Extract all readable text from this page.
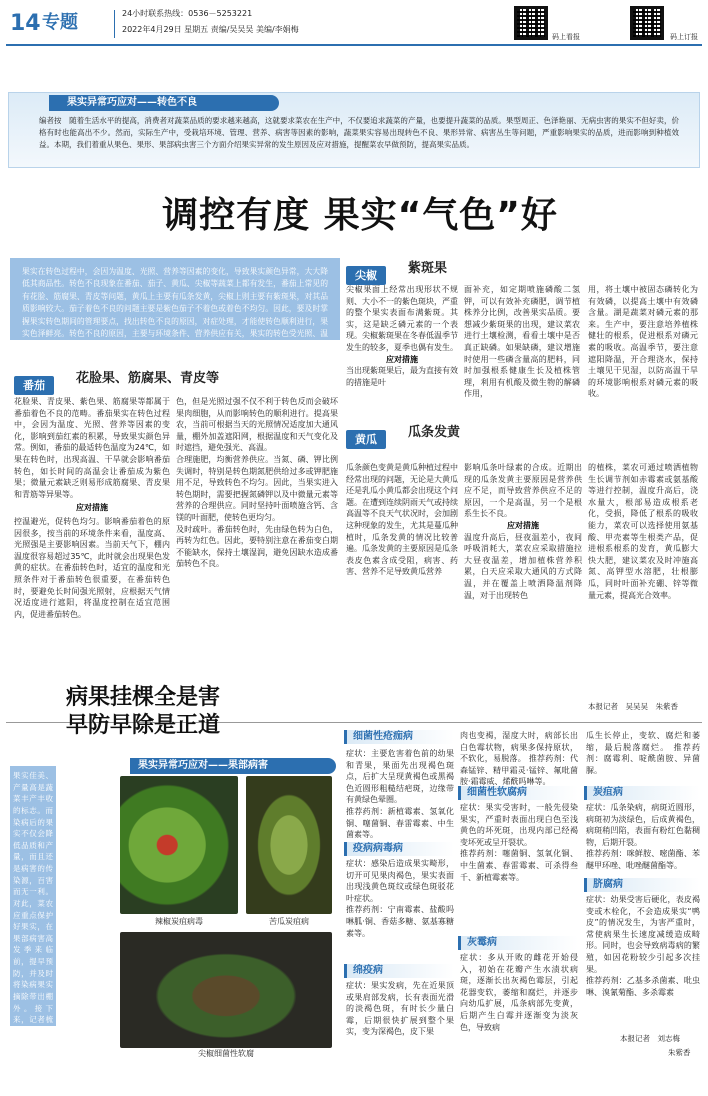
14 专题	24小时联系热线：0536－5253221
2022年4月29日 星期五 责编/吴吴吴 美编/李娟梅
码上看报	码上订报
果实异常巧应对——转色不良
编者按　随着生活水平的提高，消费者对蔬菜品质的要求越来越高，这就要求菜农在生产中，不仅要追求蔬菜的产量，也要提升蔬菜的品质。果型周正、色泽艳丽、无病虫害的果实不但好卖，价格有时也能高出不少。然而，实际生产中，受栽培环境、管理、营养、病害等因素的影响，蔬菜果实容易出现转色不良、果形异常、病害丛生等问题，严重影响果实的品质，进而影响到种植效益。本期，我们着重从果色、果形、果部病虫害三个方面介绍果实异常的发生原因及应对措施，提醒菜农早做预防，提高果实品质。
调控有度 果实“气色”好
果实在转色过程中，会因为温度、光照、营养等因素的变化，导致果实颜色异常，大大降低其商品性。转色不良现象在番茄、茄子、黄瓜、尖椒等蔬菜上都有发生，番茄上常见的有花脸、筋腐果、青皮等问题，黄瓜上主要有瓜条发黄，尖椒上则主要有紫斑果，对其品质影响较大。茄子着色不良的问题主要是紫色茄子不着色或着色不均匀。因此，要及时掌握果实转色期间的管理要点，找出转色不良的原因，对症处理，才能使转色顺利进行，果实色泽鲜亮。转色不良的原因，主要与环境条件、营养供应有关，果实的转色受光照、温度、湿度及营养的影响。本版选取常见的几种蔬菜转色不良的问题，分析原因并提出应对措施，供参考。
番茄	花脸果、筋腐果、青皮等
花脸果、青皮果、紫色果、筋腐果等都属于番茄着色不良的范畴。番茄果实在转色过程中，会因为温度、光照、营养等因素的变化，影响到茄红素的积累，导致果实颜色异常。例如，番茄的最适转色温度为24℃，如果在转色时，出现高温、干旱就会影响番茄转色，如长时间的高温会让番茄成为紫色果；微量元素缺乏则易形成筋腐果、青皮果和青筋等异果等。
应对措施
控温避光，促转色均匀。影响番茄着色的原因很多，按当前的环境条件来看，温度高、光照强是主要影响因素。当前天气下，棚内温度很容易超过35℃，此时就会出现果色发黄的症状。在番茄转色时，适宜的温度和光照条件对于番茄转色很重要，在番茄转色时，要避免长时间强光照射，应根据天气情况适度进行遮阳，将温度控制在适宜范围内，促进番茄转色。
色，但是光照过强不仅不利于转色反而会破坏果肉细胞，从而影响转色的顺利进行。提高果农，当前可根据当天的光照情况适度加大通风量，棚外加盖遮阳网，根据温度和天气变化及时遮挡，避免强光、高温。
合理施肥，均衡营养供应。当氮、磷、钾比例失调时，特别是转色期氮肥供给过多或钾肥施用不足，导致转色不均匀。因此，当果实进入转色期时，需要把握氮磷钾以及中微量元素等营养的合理供应。同时坚持叶面喷施含钙、含镁的叶面肥，使转色更均匀。
及时疏叶。番茄转色时，先由绿色转为白色，再转为红色。因此，要特别注意在番茄变白期不能缺水，保持土壤湿润，避免因缺水造成番茄转色不良。
尖椒	紫斑果
尖椒果面上经常出现形状不规则、大小不一的紫色斑块，严重的整个果实表面布满紫斑。其实，这是缺乏磷元素的一个表现。尖椒紫斑果在冬春低温季节发生的较多，夏季也偶有发生。
应对措施
当出现紫斑果后，最为直接有效的措施是叶
面补充，如定期喷施磷酸二氢钾，可以有效补充磷肥，调节植株养分比例，改善果实品质。要想减少紫斑果的出现，建议菜农进行土壤检测，看看土壤中是否真正缺磷。如果缺磷，建议增施时使用一些磷含量高的肥料，同时加强根系健康生长及植株管理，利用有机酸及微生物的解磷作用，
用，将土壤中被固态磷转化为有效磷，以提高土壤中有效磷含量。湖是蔬菜对磷元素的那来。生产中，要注意培养植株健壮的根系，促进根系对磷元素的吸收。高温季节，要注意遮阳降温，开合理浇水，保持土壤见干见湿，以防高温干旱的环境影响根系对磷元素的吸收。
黄瓜	瓜条发黄
瓜条颜色变黄是黄瓜种植过程中经常出现的问题，无论是大黄瓜还是乳瓜小黄瓜都会出现这个问题。在遭到连续阴雨天气或持续高温等不良天气状况时，会加剧这种现象的发生，尤其是蔓瓜种植时，瓜条发黄的情况比较普遍。瓜条发黄的主要原因是瓜条表皮色素含成受阻，病害、药害、营养不足导致黄瓜营养
影响瓜条叶绿素的合成。近期出现的瓜条发黄主要原因是营养供应不足，而导致营养供应不足的原因，一个是高温，另一个是根系生长不良。
应对措施
温度升高后，昼夜温差小，夜间呼吸消耗大，菜农应采取措施拉大昼夜温差，增加植株营养积累，白天应采取大通风的方式降温，并在覆盖上喷洒降温剂降温，对于出现转色
的植株，菜农可通过喷洒植物生长调节剂如赤霉素或氨基酸等进行控制，温度升高后，浇水量大，根部易造成根系老化，受损，降低了根系的吸收能力，菜农可以选择使用氨基酸、甲壳素等生根类产品，促进根系根系的发育，黄瓜膨大快大肥，建议菜农及时冲施高氮、高钾型水溶肥，壮根膨瓜，同时叶面补充硼、锌等微量元素，提高光合效率。
本报记者　吴吴吴　朱紫香
病果挂棵全是害
早防早除是正道
果实异常巧应对——果部病害
果实佳美、产量高是蔬菜丰产丰收的标志。而染病后的果实不仅会降低品质和产量，而且还是病害的传染源，百害而无一利。对此，菜农应重点保护好果实，在果部病害高发季来临前，提早预防，并及时将染病果实摘除带出棚外。接下来，记者梳理了部分近期多发的果部病害及防治药剂，与大家一起分享。
辣椒炭疽病毒	苦瓜炭疽病
尖椒细菌性软腐
细菌性疮痂病
症状：主要危害着色前的幼果和青果，果面先出现褐色斑点，后扩大呈现黄褐色或黑褐色近圆形粗糙结疤斑，边缘带有黄绿色晕圈。
推荐药剂：新植霉素、氢氧化铜、噻菌铜、春雷霉素、中生菌素等。
疫病病毒病
症状：感染后造成果实畸形，切开可见果肉褐色，果实表面出现浅黄色斑纹或绿色斑驳花叶症状。
推荐药剂：宁南霉素、盐酸吗啉胍·铜、香菇多糖、氨基寡糖素等。
绵疫病
症状：果实发病，先在近果顶或果肩部发病，长有表面光滑的淡褐色斑，有时长少量白霉，后期很快扩展到整个果实，变为深褐色，皮下果
肉也变褐，湿度大时，病部长出白色霉状物，病果多保持原状，不软化，易脱落。 推荐药剂：代森锰锌、精甲霜灵·锰锌、氟吡菌胺·霜霉威、烯酰吗啉等。
细菌性软腐病
症状：果实受害时，一般先侵染果实，严重时表面出现白色至浅黄色的坏死斑，出现内部已经褐变坏死或呈开裂状。
推荐药剂：噻菌铜、氢氧化铜、中生菌素、春雷霉素、可杀得叁千、新植霉素等。
灰霉病
症状：多从开败的雌花开始侵入，初始在花瓣产生水渍状病斑，逐渐长出灰褐色霉层，引起花器变软，萎缩和腐烂，并逐步向幼瓜扩展，瓜条病部先变黄，后期产生白霉并逐渐变为淡灰色，导致病
瓜生长停止，变软、腐烂和萎缩，最后脱落腐烂。 推荐药剂：腐霉利、啶酰菌胺、异菌脲。
炭疽病
症状：瓜条染病，病斑近圆形，病斑初为淡绿色，后成黄褐色，病斑稍凹陷，表面有粉红色黏稠物，后期开裂。
推荐药剂：咪鲜胺、嘧菌酯、苯醚甲环唑、吡唑醚菌酯等。
脐腐病
症状：幼果受害后硬化，表皮褐变或木栓化，不会造成果实“鸭皮”的情况发生，为害严重时，常使病果生长速度减缓造成畸形。同时，也会导致病毒病的繁殖，如因花粉较少引起多次挂果。
推荐药剂：乙基多杀菌素、吡虫啉、溴氰菊酯、多杀霉素
本报记者　刘志梅
朱紫香
